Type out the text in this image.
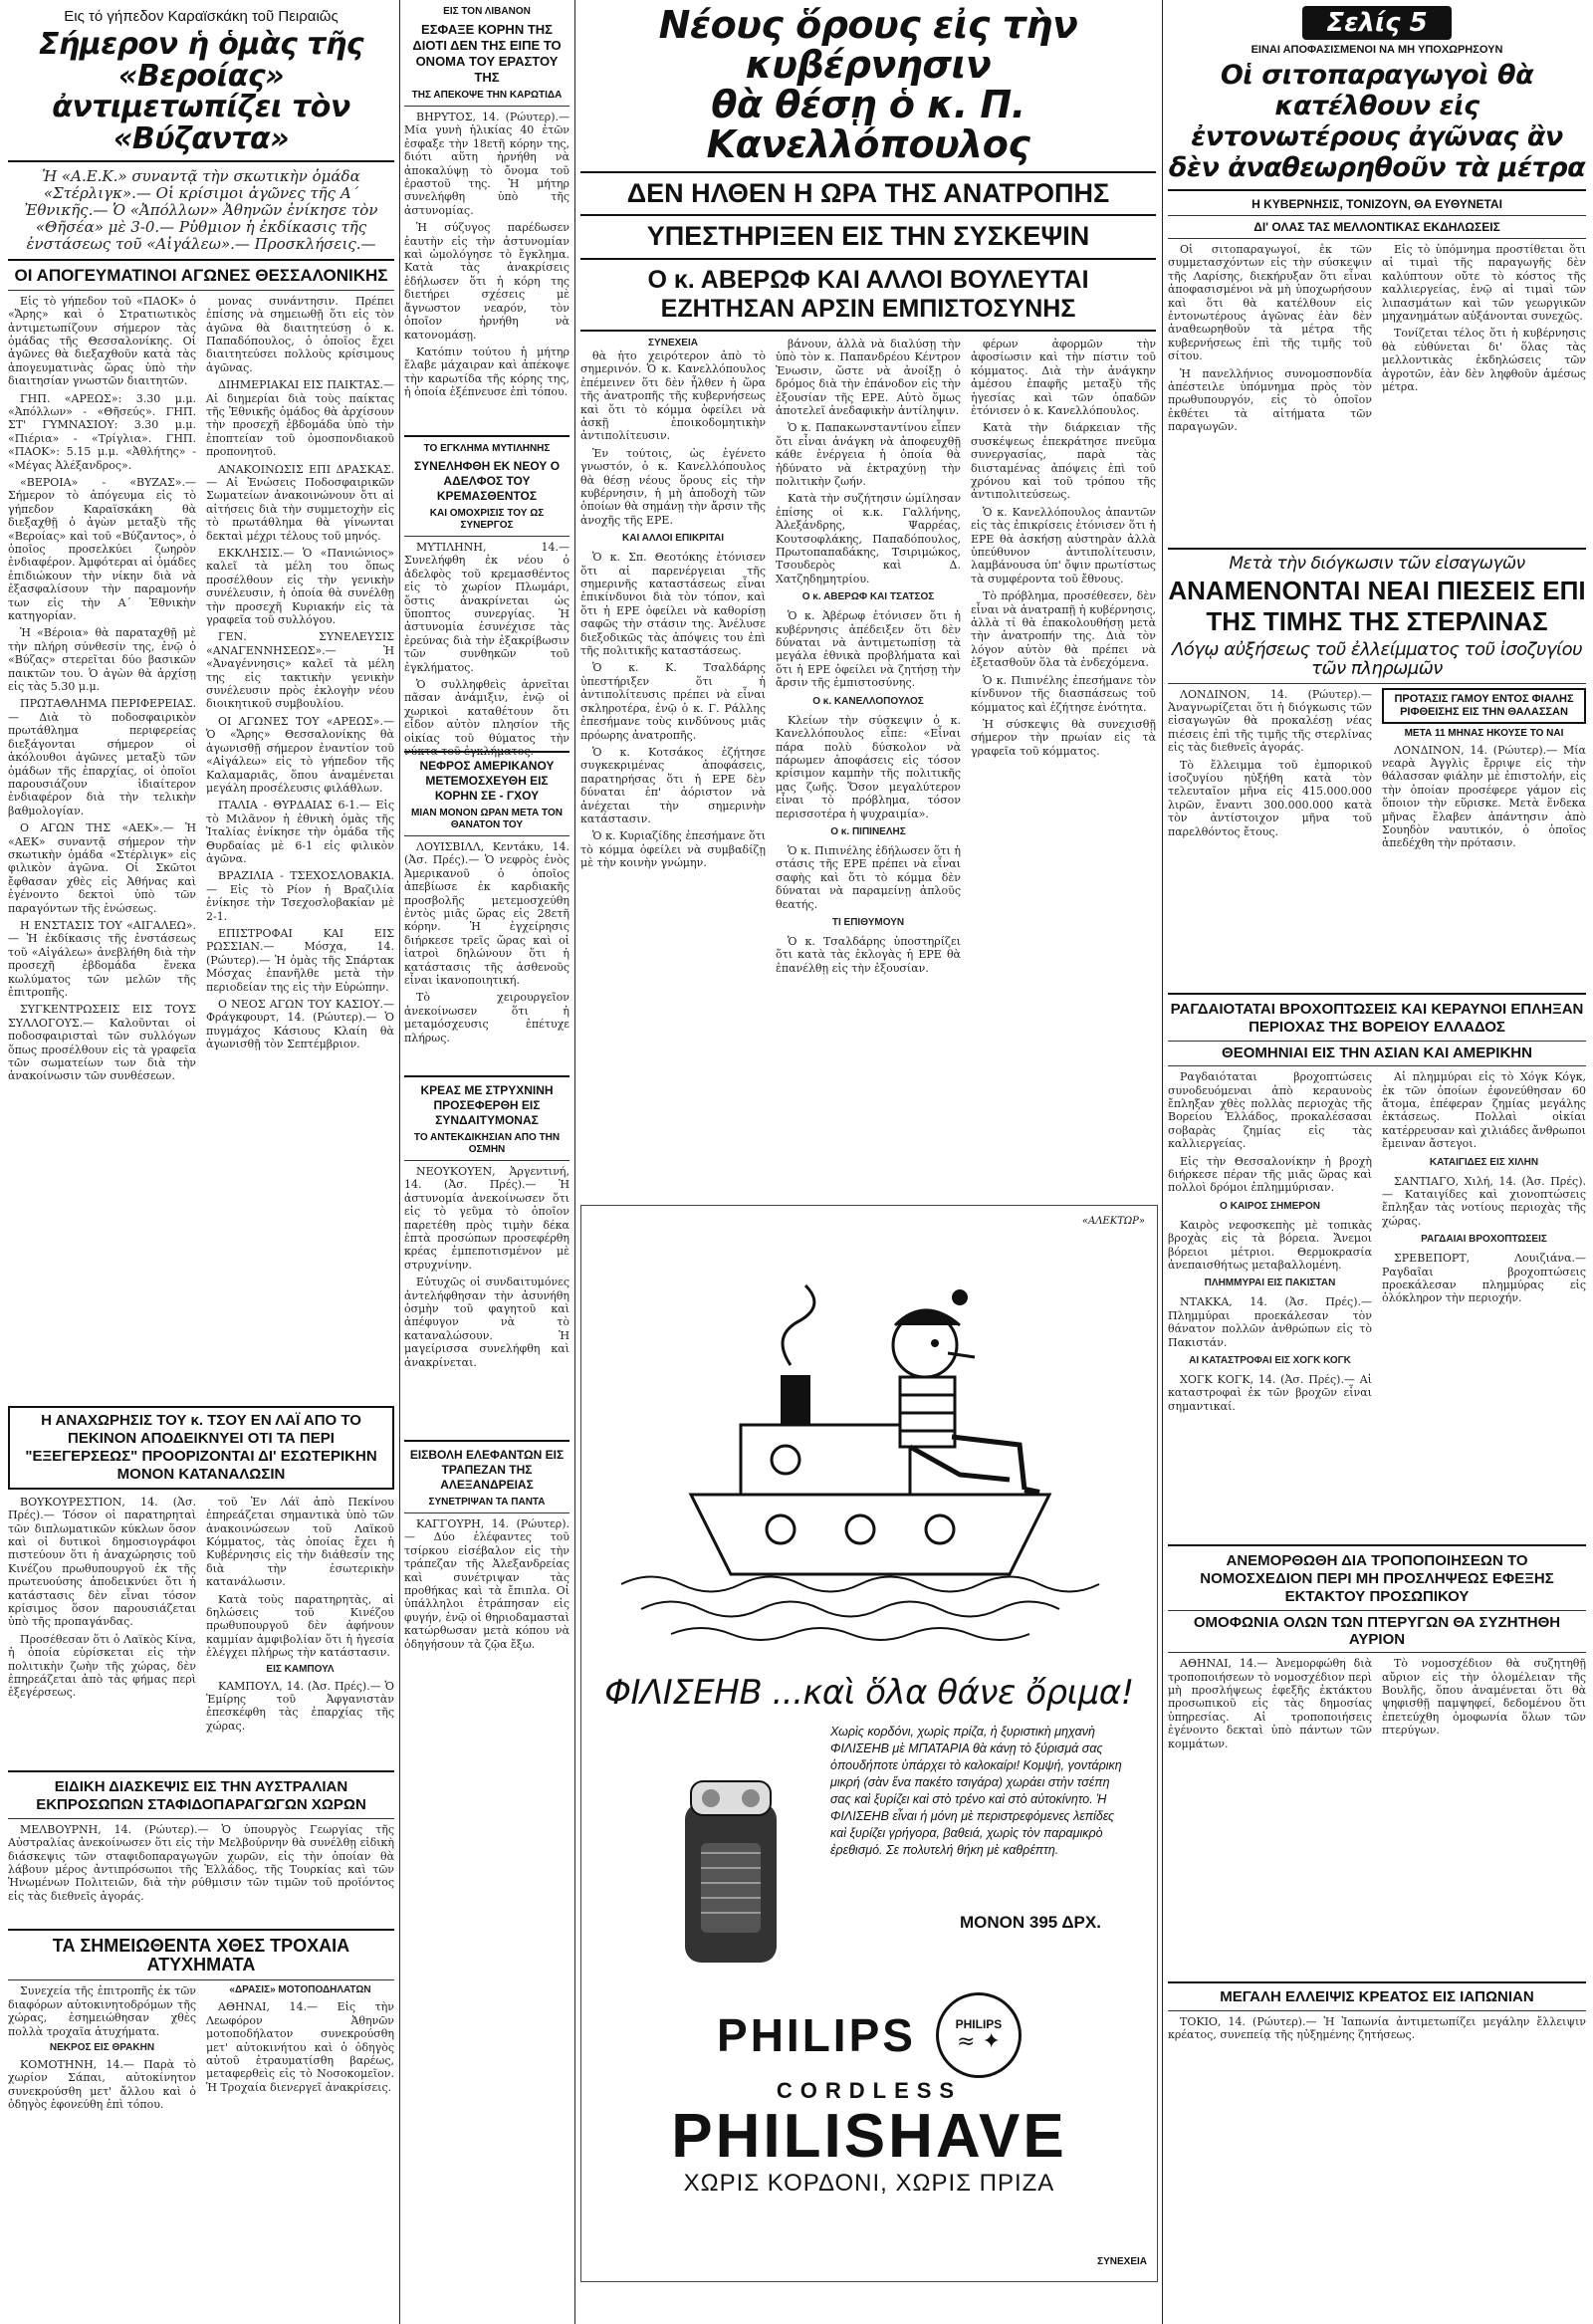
Εις τό γήπεδον Καραϊσκάκη τοῦ Πειραιῶς
Σήμερον ἡ ὁμὰς τῆς «Βεροίας» ἀντιμετωπίζει τὸν «Βύζαντα»
Ἡ «Α.Ε.Κ.» συναντᾷ τὴν σκωτικὴν ὁμάδα «Στέρλιγκ».— Οἱ κρίσιμοι ἀγῶνες τῆς Α΄ Ἐθνικῆς.— Ὁ «Ἀπόλλων» Ἀθηνῶν ἐνίκησε τὸν «Θῆσέα» μὲ 3-0.— Ρὑθμιον ἡ ἐκδίκασις τῆς ἐνστάσεως τοῦ «Αἰγάλεω».— Προσκλήσεις.—
ΟΙ ΑΠΟΓΕΥΜΑΤΙΝΟΙ ΑΓΩΝΕΣ ΘΕΣΣΑΛΟΝΙΚΗΣ

Εἰς τὸ γήπεδον τοῦ «ΠΑΟΚ» ὁ «Ἄρης» καὶ ὁ Στρατιωτικὸς ἀντιμετωπίζουν σήμερον τὰς ὁμάδας τῆς Θεσσαλονίκης. Οἱ ἀγῶνες θὰ διεξαχθοῦν κατὰ τὰς ἀπογευματινὰς ὥρας ὑπὸ τὴν διαιτησίαν γνωστῶν διαιτητῶν.

ΓΗΠ. «ΑΡΕΩΣ»: 3.30 μ.μ. «Ἀπόλλων» - «Θῆσεύς». ΓΗΠ. ΣΤ' ΓΥΜΝΑΣΙΟΥ: 3.30 μ.μ. «Πιέρια» - «Τρίγλια». ΓΗΠ. «ΠΑΟΚ»: 5.15 μ.μ. «Ἀθλήτης» - «Μέγας Ἀλέξανδρος».

«ΒΕΡΟΙΑ» - «ΒΥΖΑΣ».— Σήμερον τὸ ἀπόγευμα εἰς τὸ γήπεδον Καραϊσκάκη θὰ διεξαχθῇ ὁ ἀγὼν μεταξὺ τῆς «Βεροίας» καὶ τοῦ «Βύζαντος», ὁ ὁποῖος προσελκύει ζωηρὸν ἐνδιαφέρον. Ἀμφότεραι αἱ ὁμάδες ἐπιδιώκουν τὴν νίκην διὰ νὰ ἐξασφαλίσουν τὴν παραμονήν των εἰς τὴν Α΄ Ἐθνικὴν κατηγορίαν.

Ἡ «Βέροια» θὰ παραταχθῇ μὲ τὴν πλήρη σύνθεσίν της, ἐνῷ ὁ «Βύζας» στερεῖται δύο βασικῶν παικτῶν του. Ὁ ἀγὼν θὰ ἀρχίσῃ εἰς τὰς 5.30 μ.μ.

ΠΡΩΤΑΘΛΗΜΑ ΠΕΡΙΦΕΡΕΙΑΣ.— Διὰ τὸ ποδοσφαιρικὸν πρωτάθλημα περιφερείας διεξάγονται σήμερον οἱ ἀκόλουθοι ἀγῶνες μεταξὺ τῶν ὁμάδων τῆς ἐπαρχίας, οἱ ὁποῖοι παρουσιάζουν ἰδιαίτερον ἐνδιαφέρον διὰ τὴν τελικὴν βαθμολογίαν.

Ο ΑΓΩΝ ΤΗΣ «ΑΕΚ».— Ἡ «ΑΕΚ» συναντᾷ σήμερον τὴν σκωτικὴν ὁμάδα «Στέρλιγκ» εἰς φιλικὸν ἀγῶνα. Οἱ Σκῶτοι ἔφθασαν χθὲς εἰς Ἀθήνας καὶ ἐγένοντο δεκτοὶ ὑπὸ τῶν παραγόντων τῆς ἑνώσεως.

Η ΕΝΣΤΑΣΙΣ ΤΟΥ «ΑΙΓΑΛΕΩ».— Ἡ ἐκδίκασις τῆς ἐνστάσεως τοῦ «Αἰγάλεω» ἀνεβλήθη διὰ τὴν προσεχῆ ἑβδομάδα ἕνεκα κωλύματος τῶν μελῶν τῆς ἐπιτροπῆς.

ΣΥΓΚΕΝΤΡΩΣΕΙΣ ΕΙΣ ΤΟΥΣ ΣΥΛΛΟΓΟΥΣ.— Καλοῦνται οἱ ποδοσφαιρισταὶ τῶν συλλόγων ὅπως προσέλθουν εἰς τὰ γραφεῖα τῶν σωματείων των διὰ τὴν ἀνακοίνωσιν τῶν συνθέσεων.

μονας συνάντησιν. Πρέπει ἐπίσης νὰ σημειωθῇ ὅτι εἰς τὸν ἀγῶνα θὰ διαιτητεύσῃ ὁ κ. Παπαδόπουλος, ὁ ὁποῖος ἔχει διαιτητεύσει πολλοὺς κρίσιμους ἀγῶνας.

ΔΙΗΜΕΡΙΑΚΑΙ ΕΙΣ ΠΑΙΚΤΑΣ.— Αἱ διημερίαι διὰ τοὺς παίκτας τῆς Ἐθνικῆς ὁμάδος θὰ ἀρχίσουν τὴν προσεχῆ ἑβδομάδα ὑπὸ τὴν ἐποπτείαν τοῦ ὁμοσπονδιακοῦ προπονητοῦ.

ΑΝΑΚΟΙΝΩΣΙΣ ΕΠΙ ΔΡΑΣΚΑΣ.— Αἱ Ἑνώσεις Ποδοσφαιρικῶν Σωματείων ἀνακοινώνουν ὅτι αἱ αἰτήσεις διὰ τὴν συμμετοχὴν εἰς τὸ πρωτάθλημα θὰ γίνωνται δεκταὶ μέχρι τέλους τοῦ μηνός.

ΕΚΚΛΗΣΙΣ.— Ὁ «Πανιώνιος» καλεῖ τὰ μέλη του ὅπως προσέλθουν εἰς τὴν γενικὴν συνέλευσιν, ἡ ὁποία θὰ συνέλθῃ τὴν προσεχῆ Κυριακήν εἰς τὰ γραφεῖα τοῦ συλλόγου.

ΓΕΝ. ΣΥΝΕΛΕΥΣΙΣ «ΑΝΑΓΕΝΝΗΣΕΩΣ».— Ἡ «Ἀναγέννησις» καλεῖ τὰ μέλη της εἰς τακτικὴν γενικὴν συνέλευσιν πρὸς ἐκλογὴν νέου διοικητικοῦ συμβουλίου.

ΟΙ ΑΓΩΝΕΣ ΤΟΥ «ΑΡΕΩΣ».— Ὁ «Ἄρης» Θεσσαλονίκης θὰ ἀγωνισθῇ σήμερον ἐναντίον τοῦ «Αἰγάλεω» εἰς τὸ γήπεδον τῆς Καλαμαριᾶς, ὅπου ἀναμένεται μεγάλη προσέλευσις φιλάθλων.

ΙΤΑΛΙΑ - ΘΥΡΔΑΙΑΣ 6-1.— Εἰς τὸ Μιλᾶνον ἡ ἐθνικὴ ὁμὰς τῆς Ἰταλίας ἐνίκησε τὴν ὁμάδα τῆς Θυρδαίας μὲ 6-1 εἰς φιλικὸν ἀγῶνα.

ΒΡΑΖΙΛΙΑ - ΤΣΕΧΟΣΛΟΒΑΚΙΑ.— Εἰς τὸ Ρίον ἡ Βραζιλία ἐνίκησε τὴν Τσεχοσλοβακίαν μὲ 2-1.

ΕΠΙΣΤΡΟΦΑΙ ΚΑΙ ΕΙΣ ΡΩΣΣΙΑΝ.— Μόσχα, 14. (Ρώυτερ).— Ἡ ὁμὰς τῆς Σπάρτακ Μόσχας ἐπανῆλθε μετὰ τὴν περιοδείαν της εἰς τὴν Εὐρώπην.

Ο ΝΕΟΣ ΑΓΩΝ ΤΟΥ ΚΑΣΙΟΥ.— Φράγκφουρτ, 14. (Ρώυτερ).— Ὁ πυγμάχος Κάσιους Κλαίη θὰ ἀγωνισθῇ τὸν Σεπτέμβριον.

Η ΑΝΑΧΩΡΗΣΙΣ ΤΟΥ κ. ΤΣΟΥ ΕΝ ΛΑΪ ΑΠΟ ΤΟ ΠΕΚΙΝΟΝ ΑΠΟΔΕΙΚΝΥΕΙ ΟΤΙ ΤΑ ΠΕΡΙ "ΕΞΕΓΕΡΣΕΩΣ" ΠΡΟΟΡΙΖΟΝΤΑΙ ΔΙ' ΕΣΩΤΕΡΙΚΗΝ ΜΟΝΟΝ ΚΑΤΑΝΑΛΩΣΙΝ

ΒΟΥΚΟΥΡΕΣΤΙΟΝ, 14. (Ἀσ. Πρές).— Τόσον οἱ παρατηρηταὶ τῶν διπλωματικῶν κύκλων ὅσον καὶ οἱ δυτικοὶ δημοσιογράφοι πιστεύουν ὅτι ἡ ἀναχώρησις τοῦ Κινέζου πρωθυπουργοῦ ἐκ τῆς πρωτευούσης ἀποδεικνύει ὅτι ἡ κατάστασις δὲν εἶναι τόσον κρίσιμος ὅσον παρουσιάζεται ὑπὸ τῆς προπαγάνδας.

Προσέθεσαν ὅτι ὁ Λαϊκὸς Κίνα, ἡ ὁποία εὑρίσκεται εἰς τὴν πολιτικὴν ζωὴν τῆς χώρας, δὲν ἐπηρεάζεται ἀπὸ τὰς φήμας περὶ ἐξεγέρσεως.

τοῦ Ἐν Λάϊ ἀπὸ Πεκίνου ἐπηρεάζεται σημαντικὰ ὑπὸ τῶν ἀνακοινώσεων τοῦ Λαϊκοῦ Κόμματος, τὰς ὁποίας ἔχει ἡ Κυβέρνησις εἰς τὴν διάθεσίν της διὰ τὴν ἐσωτερικὴν κατανάλωσιν.

Κατὰ τοὺς παρατηρητὰς, αἱ δηλώσεις τοῦ Κινέζου πρωθυπουργοῦ δὲν ἀφήνουν καμμίαν ἀμφιβολίαν ὅτι ἡ ἡγεσία ἐλέγχει πλήρως τὴν κατάστασιν.

ΕΙΣ ΚΑΜΠΟΥΛ

ΚΑΜΠΟΥΛ, 14. (Ἀσ. Πρές).— Ὁ Ἐμίρης τοῦ Ἀφγανιστὰν ἐπεσκέφθη τὰς ἐπαρχίας τῆς χώρας.

ΕΙΔΙΚΗ ΔΙΑΣΚΕΨΙΣ ΕΙΣ ΤΗΝ ΑΥΣΤΡΑΛΙΑΝ ΕΚΠΡΟΣΩΠΩΝ ΣΤΑΦΙΔΟΠΑΡΑΓΩΓΩΝ ΧΩΡΩΝ

ΜΕΛΒΟΥΡΝΗ, 14. (Ρώυτερ).— Ὁ ὑπουργὸς Γεωργίας τῆς Αὐστραλίας ἀνεκοίνωσεν ὅτι εἰς τὴν Μελβούρνην θὰ συνέλθῃ εἰδικὴ διάσκεψις τῶν σταφιδοπαραγωγῶν χωρῶν, εἰς τὴν ὁποίαν θὰ λάβουν μέρος ἀντιπρόσωποι τῆς Ἑλλάδος, τῆς Τουρκίας καὶ τῶν Ἡνωμένων Πολιτειῶν, διὰ τὴν ρύθμισιν τῶν τιμῶν τοῦ προϊόντος εἰς τὰς διεθνεῖς ἀγοράς.

ΤΑ ΣΗΜΕΙΩΘΕΝΤΑ ΧΘΕΣ ΤΡΟΧΑΙΑ ΑΤΥΧΗΜΑΤΑ

Συνεχεία τῆς ἐπιτροπῆς ἐκ τῶν διαφόρων αὐτοκινητοδρόμων τῆς χώρας, ἐσημειώθησαν χθὲς πολλὰ τροχαῖα ἀτυχήματα.

ΝΕΚΡΟΣ ΕΙΣ ΘΡΑΚΗΝ

ΚΟΜΟΤΗΝΗ, 14.— Παρὰ τὸ χωρίον Σάπαι, αὐτοκίνητον συνεκρούσθη μετ' ἄλλου καὶ ὁ ὁδηγὸς ἐφονεύθη ἐπὶ τόπου.

«ΔΡΑΣΙΣ» ΜΟΤΟΠΟΔΗΛΑΤΩΝ

ΑΘΗΝΑΙ, 14.— Εἰς τὴν Λεωφόρον Ἀθηνῶν μοτοποδήλατον συνεκρούσθη μετ' αὐτοκινήτου καὶ ὁ ὁδηγὸς αὐτοῦ ἐτραυματίσθη βαρέως, μεταφερθεὶς εἰς τὸ Νοσοκομεῖον. Ἡ Τροχαία διενεργεῖ ἀνακρίσεις.

ΕΙΣ ΤΟΝ ΛΙΒΑΝΟΝ
ΕΣΦΑΞΕ ΚΟΡΗΝ ΤΗΣ ΔΙΟΤΙ ΔΕΝ ΤΗΣ ΕΙΠΕ ΤΟ ΟΝΟΜΑ ΤΟΥ ΕΡΑΣΤΟΥ ΤΗΣ
ΤΗΣ ΑΠΕΚΟΨΕ ΤΗΝ ΚΑΡΩΤΙΔΑ

ΒΗΡΥΤΟΣ, 14. (Ρώυτερ).— Μία γυνὴ ἡλικίας 40 ἐτῶν ἐσφαξε τὴν 18ετῆ κόρην της, διότι αὕτη ἠρνήθη νὰ ἀποκαλύψῃ τὸ ὄνομα τοῦ ἐραστοῦ της. Ἡ μήτηρ συνελήφθη ὑπὸ τῆς ἀστυνομίας.

Ἡ σύζυγος παρέδωσεν ἑαυτὴν εἰς τὴν ἀστυνομίαν καὶ ὡμολόγησε τὸ ἔγκλημα. Κατὰ τὰς ἀνακρίσεις ἐδήλωσεν ὅτι ἡ κόρη της διετήρει σχέσεις μὲ ἄγνωστον νεαρόν, τὸν ὁποῖον ἠρνήθη νὰ κατονομάσῃ.

Κατόπιν τούτου ἡ μήτηρ ἔλαβε μάχαιραν καὶ ἀπέκοψε τὴν καρωτίδα τῆς κόρης της, ἡ ὁποία ἐξέπνευσε ἐπὶ τόπου.

ΤΟ ΕΓΚΛΗΜΑ ΜΥΤΙΛΗΝΗΣ
ΣΥΝΕΛΗΦΘΗ ΕΚ ΝΕΟΥ Ο ΑΔΕΛΦΟΣ ΤΟΥ ΚΡΕΜΑΣΘΕΝΤΟΣ
ΚΑΙ ΟΜΟΧΡΙΣΙΣ ΤΟΥ ΩΣ ΣΥΝΕΡΓΟΣ

ΜΥΤΙΛΗΝΗ, 14.— Συνελήφθη ἐκ νέου ὁ ἀδελφὸς τοῦ κρεμασθέντος εἰς τὸ χωρίον Πλωμάρι, ὅστις ἀνακρίνεται ὡς ὕποπτος συνεργίας. Ἡ ἀστυνομία ἐσυνέχισε τὰς ἐρεύνας διὰ τὴν ἐξακρίβωσιν τῶν συνθηκῶν τοῦ ἐγκλήματος.

Ὁ συλληφθεὶς ἀρνεῖται πᾶσαν ἀνάμιξιν, ἐνῷ οἱ χωρικοὶ καταθέτουν ὅτι εἶδον αὐτὸν πλησίον τῆς οἰκίας τοῦ θύματος τὴν νύκτα τοῦ ἐγκλήματος.

ΝΕΦΡΟΣ ΑΜΕΡΙΚΑΝΟΥ ΜΕΤΕΜΟΣΧΕΥΘΗ ΕΙΣ ΚΟΡΗΝ ΣΕ - ΓΧΟΥ
ΜΙΑΝ ΜΟΝΟΝ ΩΡΑΝ ΜΕΤΑ ΤΟΝ ΘΑΝΑΤΟΝ ΤΟΥ

ΛΟΥΙΣΒΙΛΛ, Κεντάκυ, 14. (Ἀσ. Πρές).— Ὁ νεφρὸς ἑνὸς Ἀμερικανοῦ ὁ ὁποῖος ἀπεβίωσε ἐκ καρδιακῆς προσβολῆς μετεμοσχεύθη ἐντὸς μιᾶς ὥρας εἰς 28ετῆ κόρην. Ἡ ἐγχείρησις διήρκεσε τρεῖς ὥρας καὶ οἱ ἰατροὶ δηλώνουν ὅτι ἡ κατάστασις τῆς ἀσθενοῦς εἶναι ἱκανοποιητική.

Τὸ χειρουργεῖον ἀνεκοίνωσεν ὅτι ἡ μεταμόσχευσις ἐπέτυχε πλήρως.

ΚΡΕΑΣ ΜΕ ΣΤΡΥΧΝΙΝΗ ΠΡΟΣΕΦΕΡΘΗ ΕΙΣ ΣΥΝΔΑΙΤΥΜΟΝΑΣ
ΤΟ ΑΝΤΕΚΔΙΚΗΣΙΑΝ ΑΠΟ ΤΗΝ ΟΣΜΗΝ

ΝΕΟΥΚΟΥΕΝ, Ἀργεντινή, 14. (Ἀσ. Πρές).— Ἡ ἀστυνομία ἀνεκοίνωσεν ὅτι εἰς τὸ γεῦμα τὸ ὁποῖον παρετέθη πρὸς τιμὴν δέκα ἑπτὰ προσώπων προσεφέρθη κρέας ἐμπεποτισμένον μὲ στρυχνίνην.

Εὐτυχῶς οἱ συνδαιτυμόνες ἀντελήφθησαν τὴν ἀσυνήθη ὀσμὴν τοῦ φαγητοῦ καὶ ἀπέφυγον νὰ τὸ καταναλώσουν. Ἡ μαγείρισσα συνελήφθη καὶ ἀνακρίνεται.

ΕΙΣΒΟΛΗ ΕΛΕΦΑΝΤΩΝ ΕΙΣ ΤΡΑΠΕΖΑΝ ΤΗΣ ΑΛΕΞΑΝΔΡΕΙΑΣ
ΣΥΝΕΤΡΙΨΑΝ ΤΑ ΠΑΝΤΑ

ΚΑΓΓΟΥΡΗ, 14. (Ρώυτερ).— Δύο ἐλέφαντες τοῦ τσίρκου εἰσέβαλον εἰς τὴν τράπεζαν τῆς Ἀλεξανδρείας καὶ συνέτριψαν τὰς προθήκας καὶ τὰ ἔπιπλα. Οἱ ὑπάλληλοι ἐτράπησαν εἰς φυγήν, ἐνῷ οἱ θηριοδαμασταὶ κατώρθωσαν μετὰ κόπου νὰ ὁδηγήσουν τὰ ζῷα ἔξω.

Νέους ὅρους εἰς τὴν κυβέρνησιν
θὰ θέσῃ ὁ κ. Π. Κανελλόπουλος
ΔΕΝ ΗΛΘΕΝ Η ΩΡΑ ΤΗΣ ΑΝΑΤΡΟΠΗΣ
ΥΠΕΣΤΗΡΙΞΕΝ ΕΙΣ ΤΗΝ ΣΥΣΚΕΨΙΝ
Ο κ. ΑΒΕΡΩΦ ΚΑΙ ΑΛΛΟΙ ΒΟΥΛΕΥΤΑΙ ΕΖΗΤΗΣΑΝ ΑΡΣΙΝ ΕΜΠΙΣΤΟΣΥΝΗΣ
ΣΥΝΕΧΕΙΑ

θὰ ἠτο χειρότερον ἀπὸ τὸ σημερινόν. Ὁ κ. Κανελλόπουλος ἐπέμεινεν ὅτι δὲν ἦλθεν ἡ ὥρα τῆς ἀνατροπῆς τῆς κυβερνήσεως καὶ ὅτι τὸ κόμμα ὀφείλει νὰ ἀσκῇ ἐποικοδομητικὴν ἀντιπολίτευσιν.

Ἐν τούτοις, ὡς ἐγένετο γνωστόν, ὁ κ. Κανελλόπουλος θὰ θέσῃ νέους ὅρους εἰς τὴν κυβέρνησιν, ἡ μὴ ἀποδοχὴ τῶν ὁποίων θὰ σημάνῃ τὴν ἄρσιν τῆς ἀνοχῆς τῆς ΕΡΕ.

ΚΑΙ ΑΛΛΟΙ ΕΠΙΚΡΙΤΑΙ

Ὁ κ. Σπ. Θεοτόκης ἐτόνισεν ὅτι αἱ παρενέργειαι τῆς σημερινῆς καταστάσεως εἶναι ἐπικίνδυνοι διὰ τὸν τόπον, καὶ ὅτι ἡ ΕΡΕ ὀφείλει νὰ καθορίσῃ σαφῶς τὴν στάσιν της. Ἀνέλυσε διεξοδικῶς τὰς ἀπόψεις του ἐπὶ τῆς πολιτικῆς καταστάσεως.

Ὁ κ. Κ. Τσαλδάρης ὑπεστήριξεν ὅτι ἡ ἀντιπολίτευσις πρέπει νὰ εἶναι σκληροτέρα, ἐνῷ ὁ κ. Γ. Ράλλης ἐπεσήμανε τοὺς κινδύνους μιᾶς πρόωρης ἀνατροπῆς.

Ὁ κ. Κοτσάκος ἐζήτησε συγκεκριμένας ἀποφάσεις, παρατηρήσας ὅτι ἡ ΕΡΕ δὲν δύναται ἐπ' ἀόριστον νὰ ἀνέχεται τὴν σημερινὴν κατάστασιν.

Ὁ κ. Κυριαζίδης ἐπεσήμανε ὅτι τὸ κόμμα ὀφείλει νὰ συμβαδίζῃ μὲ τὴν κοινὴν γνώμην.

βάνουν, ἀλλὰ νὰ διαλύσῃ τὴν ὑπὸ τὸν κ. Παπανδρέου Κέντρον Ἐνωσιν, ὥστε νὰ ἀνοίξῃ ὁ δρόμος διὰ τὴν ἐπάνοδον εἰς τὴν ἐξουσίαν τῆς ΕΡΕ. Αὐτὸ ὅμως ἀποτελεῖ ἀνεδαφικὴν ἀντίληψιν.

Ὁ κ. Παπακωνσταντίνου εἶπεν ὅτι εἶναι ἀνάγκη νὰ ἀποφευχθῇ κάθε ἐνέργεια ἡ ὁποία θὰ ἠδύνατο νὰ ἐκτραχύνῃ τὴν πολιτικὴν ζωήν.

Κατὰ τὴν συζήτησιν ὡμίλησαν ἐπίσης οἱ κ.κ. Γαλλήνης, Ἀλεξάνδρης, Ψαρρέας, Κουτσοφλάκης, Παπαδόπουλος, Πρωτοπαπαδάκης, Τσιριμώκος, Τσουδερὸς καὶ Δ. Χατζηδημητρίου.

Ο κ. ΑΒΕΡΩΦ ΚΑΙ ΤΣΑΤΣΟΣ

Ὁ κ. Ἀβέρωφ ἐτόνισεν ὅτι ἡ κυβέρνησις ἀπέδειξεν ὅτι δὲν δύναται νὰ ἀντιμετωπίσῃ τὰ μεγάλα ἐθνικὰ προβλήματα καὶ ὅτι ἡ ΕΡΕ ὀφείλει νὰ ζητήσῃ τὴν ἄρσιν τῆς ἐμπιστοσύνης.

Ο κ. ΚΑΝΕΛΛΟΠΟΥΛΟΣ

Κλείων τὴν σύσκεψιν ὁ κ. Κανελλόπουλος εἶπε: «Εἶναι πάρα πολὺ δύσκολον νὰ πάρωμεν ἀποφάσεις εἰς τόσον κρίσιμον καμπὴν τῆς πολιτικῆς μας ζωῆς. Ὅσον μεγαλύτερον εἶναι τὸ πρόβλημα, τόσον περισσοτέρα ἡ ψυχραιμία».

Ο κ. ΠΙΠΙΝΕΛΗΣ

Ὁ κ. Πιπινέλης ἐδήλωσεν ὅτι ἡ στάσις τῆς ΕΡΕ πρέπει νὰ εἶναι σαφὴς καὶ ὅτι τὸ κόμμα δὲν δύναται νὰ παραμείνῃ ἀπλοῦς θεατής.

ΤΙ ΕΠΙΘΥΜΟΥΝ

Ὁ κ. Τσαλδάρης ὑποστηρίζει ὅτι κατὰ τὰς ἐκλογὰς ἡ ΕΡΕ θὰ ἐπανέλθῃ εἰς τὴν ἐξουσίαν.

φέρων ἀφορμῶν τὴν ἀφοσίωσιν καὶ τὴν πίστιν τοῦ κόμματος. Διὰ τὴν ἀνάγκην ἀμέσου ἐπαφῆς μεταξὺ τῆς ἡγεσίας καὶ τῶν ὀπαδῶν ἐτόνισεν ὁ κ. Κανελλόπουλος.

Κατὰ τὴν διάρκειαν τῆς συσκέψεως ἐπεκράτησε πνεῦμα συνεργασίας, παρὰ τὰς διισταμένας ἀπόψεις ἐπὶ τοῦ χρόνου καὶ τοῦ τρόπου τῆς ἀντιπολιτεύσεως.

Ὁ κ. Κανελλόπουλος ἀπαντῶν εἰς τὰς ἐπικρίσεις ἐτόνισεν ὅτι ἡ ΕΡΕ θὰ ἀσκήσῃ αὐστηρὰν ἀλλὰ ὑπεύθυνον ἀντιπολίτευσιν, λαμβάνουσα ὑπ' ὄψιν πρωτίστως τὰ συμφέροντα τοῦ ἔθνους.

Τὸ πρόβλημα, προσέθεσεν, δὲν εἶναι νὰ ἀνατραπῇ ἡ κυβέρνησις, ἀλλὰ τί θὰ ἐπακολουθήσῃ μετὰ τὴν ἀνατροπήν της. Διὰ τὸν λόγον αὐτὸν θὰ πρέπει νὰ ἐξετασθοῦν ὅλα τὰ ἐνδεχόμενα.

Ὁ κ. Πιπινέλης ἐπεσήμανε τὸν κίνδυνον τῆς διασπάσεως τοῦ κόμματος καὶ ἐζήτησε ἑνότητα.

Ἡ σύσκεψις θὰ συνεχισθῇ σήμερον τὴν πρωίαν εἰς τὰ γραφεῖα τοῦ κόμματος.

«ΑΛΕΚΤΩΡ»
ΦΙΛΙΣΕΗΒ ...καὶ ὅλα θάνε ὄριμα!
Χωρὶς κορδόνι, χωρὶς πρίζα, ἡ ξυριστικὴ μηχανὴ ΦΙΛΙΣΕΗΒ μὲ ΜΠΑΤΑΡΙΑ θὰ κάνῃ τὸ ξύρισμά σας ὁπουδήποτε ὑπάρχει τὸ καλοκαίρι! Κομψή, γοντάρικη μικρή (σὰν ἕνα πακέτο τσιγάρα) χωράει στὴν τσέπη σας καὶ ξυρίζει καὶ στὸ τρένο καὶ στὸ αὐτοκίνητο. Ἡ ΦΙΛΙΣΕΗΒ εἶναι ἡ μόνη μὲ περιστρεφόμενες λεπίδες καὶ ξυρίζει γρήγορα, βαθειά, χωρὶς τὸν παραμικρὸ ἐρεθισμό. Σε πολυτελή θήκη μὲ καθρέπτη.
ΜΟΝΟΝ 395 ΔΡΧ.
PHILIPS	PHILIPS
≈ ✦
CORDLESS
PHILISHAVE
ΧΩΡΙΣ ΚΟΡΔΟΝΙ, ΧΩΡΙΣ ΠΡΙΖΑ
ΣΥΝΕΧΕΙΑ
Σελίς 5
ΕΙΝΑΙ ΑΠΟΦΑΣΙΣΜΕΝΟΙ ΝΑ ΜΗ ΥΠΟΧΩΡΗΣΟΥΝ
Οἱ σιτοπαραγωγοὶ θὰ κατέλθουν εἰς ἐντονωτέρους ἀγῶνας ἂν δὲν ἀναθεωρηθοῦν τὰ μέτρα
Η ΚΥΒΕΡΝΗΣΙΣ, ΤΟΝΙΖΟΥΝ, ΘΑ ΕΥΘΥΝΕΤΑΙ
ΔΙ' ΟΛΑΣ ΤΑΣ ΜΕΛΛΟΝΤΙΚΑΣ ΕΚΔΗΛΩΣΕΙΣ

Οἱ σιτοπαραγωγοί, ἐκ τῶν συμμετασχόντων εἰς τὴν σύσκεψιν τῆς Λαρίσης, διεκήρυξαν ὅτι εἶναι ἀποφασισμένοι νὰ μὴ ὑποχωρήσουν καὶ ὅτι θὰ κατέλθουν εἰς ἐντονωτέρους ἀγῶνας ἐὰν δὲν ἀναθεωρηθοῦν τὰ μέτρα τῆς κυβερνήσεως ἐπὶ τῆς τιμῆς τοῦ σίτου.

Ἡ πανελλήνιος συνομοσπονδία ἀπέστειλε ὑπόμνημα πρὸς τὸν πρωθυπουργόν, εἰς τὸ ὁποῖον ἐκθέτει τὰ αἰτήματα τῶν παραγωγῶν.

Εἰς τὸ ὑπόμνημα προστίθεται ὅτι αἱ τιμαὶ τῆς παραγωγῆς δὲν καλύπτουν οὔτε τὸ κόστος τῆς καλλιεργείας, ἐνῷ αἱ τιμαὶ τῶν λιπασμάτων καὶ τῶν γεωργικῶν μηχανημάτων αὐξάνονται συνεχῶς.

Τονίζεται τέλος ὅτι ἡ κυβέρνησις θὰ εὐθύνεται δι' ὅλας τὰς μελλοντικὰς ἐκδηλώσεις τῶν ἀγροτῶν, ἐὰν δὲν ληφθοῦν ἀμέσως μέτρα.

Μετὰ τὴν διόγκωσιν τῶν εἰσαγωγῶν
ΑΝΑΜΕΝΟΝΤΑΙ ΝΕΑΙ ΠΙΕΣΕΙΣ ΕΠΙ ΤΗΣ ΤΙΜΗΣ ΤΗΣ ΣΤΕΡΛΙΝΑΣ
Λόγῳ αὐξήσεως τοῦ ἐλλείμματος τοῦ ἰσοζυγίου τῶν πληρωμῶν

ΛΟΝΔΙΝΟΝ, 14. (Ρώυτερ).— Ἀναγνωρίζεται ὅτι ἡ διόγκωσις τῶν εἰσαγωγῶν θὰ προκαλέσῃ νέας πιέσεις ἐπὶ τῆς τιμῆς τῆς στερλίνας εἰς τὰς διεθνεῖς ἀγοράς.

Τὸ ἔλλειμμα τοῦ ἐμπορικοῦ ἰσοζυγίου ηὐξήθη κατὰ τὸν τελευταῖον μῆνα εἰς 415.000.000 λιρῶν, ἔναντι 300.000.000 κατὰ τὸν ἀντίστοιχον μῆνα τοῦ παρελθόντος ἔτους.

ΠΡΟΤΑΣΙΣ ΓΑΜΟΥ ΕΝΤΟΣ ΦΙΑΛΗΣ ΡΙΦΘΕΙΣΗΣ ΕΙΣ ΤΗΝ ΘΑΛΑΣΣΑΝ
ΜΕΤΑ 11 ΜΗΝΑΣ ΗΚΟΥΣΕ ΤΟ ΝΑΙ

ΛΟΝΔΙΝΟΝ, 14. (Ρώυτερ).— Μία νεαρὰ Ἀγγλὶς ἔρριψε εἰς τὴν θάλασσαν φιάλην μὲ ἐπιστολήν, εἰς τὴν ὁποίαν προσέφερε γάμον εἰς ὅποιον τὴν εὕρισκε. Μετὰ ἕνδεκα μῆνας ἔλαβεν ἀπάντησιν ἀπὸ Σουηδὸν ναυτικόν, ὁ ὁποῖος ἀπεδέχθη τὴν πρότασιν.

ΡΑΓΔΑΙΟΤΑΤΑΙ ΒΡΟΧΟΠΤΩΣΕΙΣ ΚΑΙ ΚΕΡΑΥΝΟΙ ΕΠΛΗΞΑΝ ΠΕΡΙΟΧΑΣ ΤΗΣ ΒΟΡΕΙΟΥ ΕΛΛΑΔΟΣ
ΘΕΟΜΗΝΙΑΙ ΕΙΣ ΤΗΝ ΑΣΙΑΝ ΚΑΙ ΑΜΕΡΙΚΗΝ

Ραγδαιόταται βροχοπτώσεις συνοδευόμεναι ἀπὸ κεραυνοὺς ἔπληξαν χθὲς πολλὰς περιοχὰς τῆς Βορείου Ἑλλάδος, προκαλέσασαι σοβαρὰς ζημίας εἰς τὰς καλλιεργείας.

Εἰς τὴν Θεσσαλονίκην ἡ βροχὴ διήρκεσε πέραν τῆς μιᾶς ὥρας καὶ πολλοὶ δρόμοι ἐπλημμύρισαν.

Ο ΚΑΙΡΟΣ ΣΗΜΕΡΟΝ

Καιρὸς νεφοσκεπὴς μὲ τοπικὰς βροχὰς εἰς τὰ βόρεια. Ἄνεμοι βόρειοι μέτριοι. Θερμοκρασία ἀνεπαισθήτως μεταβαλλομένη.

ΠΛΗΜΜΥΡΑΙ ΕΙΣ ΠΑΚΙΣΤΑΝ

ΝΤΑΚΚΑ, 14. (Ἀσ. Πρές).— Πλημμύραι προεκάλεσαν τὸν θάνατον πολλῶν ἀνθρώπων εἰς τὸ Πακιστάν.

ΑΙ ΚΑΤΑΣΤΡΟΦΑΙ ΕΙΣ ΧΟΓΚ ΚΟΓΚ

ΧΟΓΚ ΚΟΓΚ, 14. (Ἀσ. Πρές).— Αἱ καταστροφαὶ ἐκ τῶν βροχῶν εἶναι σημαντικαί.

Αἱ πλημμύραι εἰς τὸ Χόγκ Κόγκ, ἐκ τῶν ὁποίων ἐφονεύθησαν 60 ἄτομα, ἐπέφεραν ζημίας μεγάλης ἐκτάσεως. Πολλαὶ οἰκίαι κατέρρευσαν καὶ χιλιάδες ἄνθρωποι ἔμειναν ἄστεγοι.

ΚΑΤΑΙΓΙΔΕΣ ΕΙΣ ΧΙΛΗΝ

ΣΑΝΤΙΑΓΟ, Χιλή, 14. (Ἀσ. Πρές).— Καταιγίδες καὶ χιονοπτώσεις ἔπληξαν τὰς νοτίους περιοχὰς τῆς χώρας.

ΡΑΓΔΑΙΑΙ ΒΡΟΧΟΠΤΩΣΕΙΣ

ΣΡΕΒΕΠΟΡΤ, Λουιζιάνα.— Ραγδαῖαι βροχοπτώσεις προεκάλεσαν πλημμύρας εἰς ὁλόκληρον τὴν περιοχήν.

ΑΝΕΜΟΡΘΩΘΗ ΔΙΑ ΤΡΟΠΟΠΟΙΗΣΕΩΝ ΤΟ ΝΟΜΟΣΧΕΔΙΟΝ ΠΕΡΙ ΜΗ ΠΡΟΣΛΗΨΕΩΣ ΕΦΕΞΗΣ ΕΚΤΑΚΤΟΥ ΠΡΟΣΩΠΙΚΟΥ
ΟΜΟΦΩΝΙΑ ΟΛΩΝ ΤΩΝ ΠΤΕΡΥΓΩΝ ΘΑ ΣΥΖΗΤΗΘΗ ΑΥΡΙΟΝ

ΑΘΗΝΑΙ, 14.— Ἀνεμορφώθη διὰ τροποποιήσεων τὸ νομοσχέδιον περὶ μὴ προσλήψεως ἐφεξῆς ἐκτάκτου προσωπικοῦ εἰς τὰς δημοσίας ὑπηρεσίας. Αἱ τροποποιήσεις ἐγένοντο δεκταὶ ὑπὸ πάντων τῶν κομμάτων.

Τὸ νομοσχέδιον θὰ συζητηθῇ αὔριον εἰς τὴν ὁλομέλειαν τῆς Βουλῆς, ὅπου ἀναμένεται ὅτι θὰ ψηφισθῇ παμψηφεί, δεδομένου ὅτι ἐπετεύχθη ὁμοφωνία ὅλων τῶν πτερύγων.

ΜΕΓΑΛΗ ΕΛΛΕΙΨΙΣ ΚΡΕΑΤΟΣ ΕΙΣ ΙΑΠΩΝΙΑΝ

ΤΟΚΙΟ, 14. (Ρώυτερ).— Ἡ Ἰαπωνία ἀντιμετωπίζει μεγάλην ἔλλειψιν κρέατος, συνεπείᾳ τῆς ηὐξημένης ζητήσεως.
